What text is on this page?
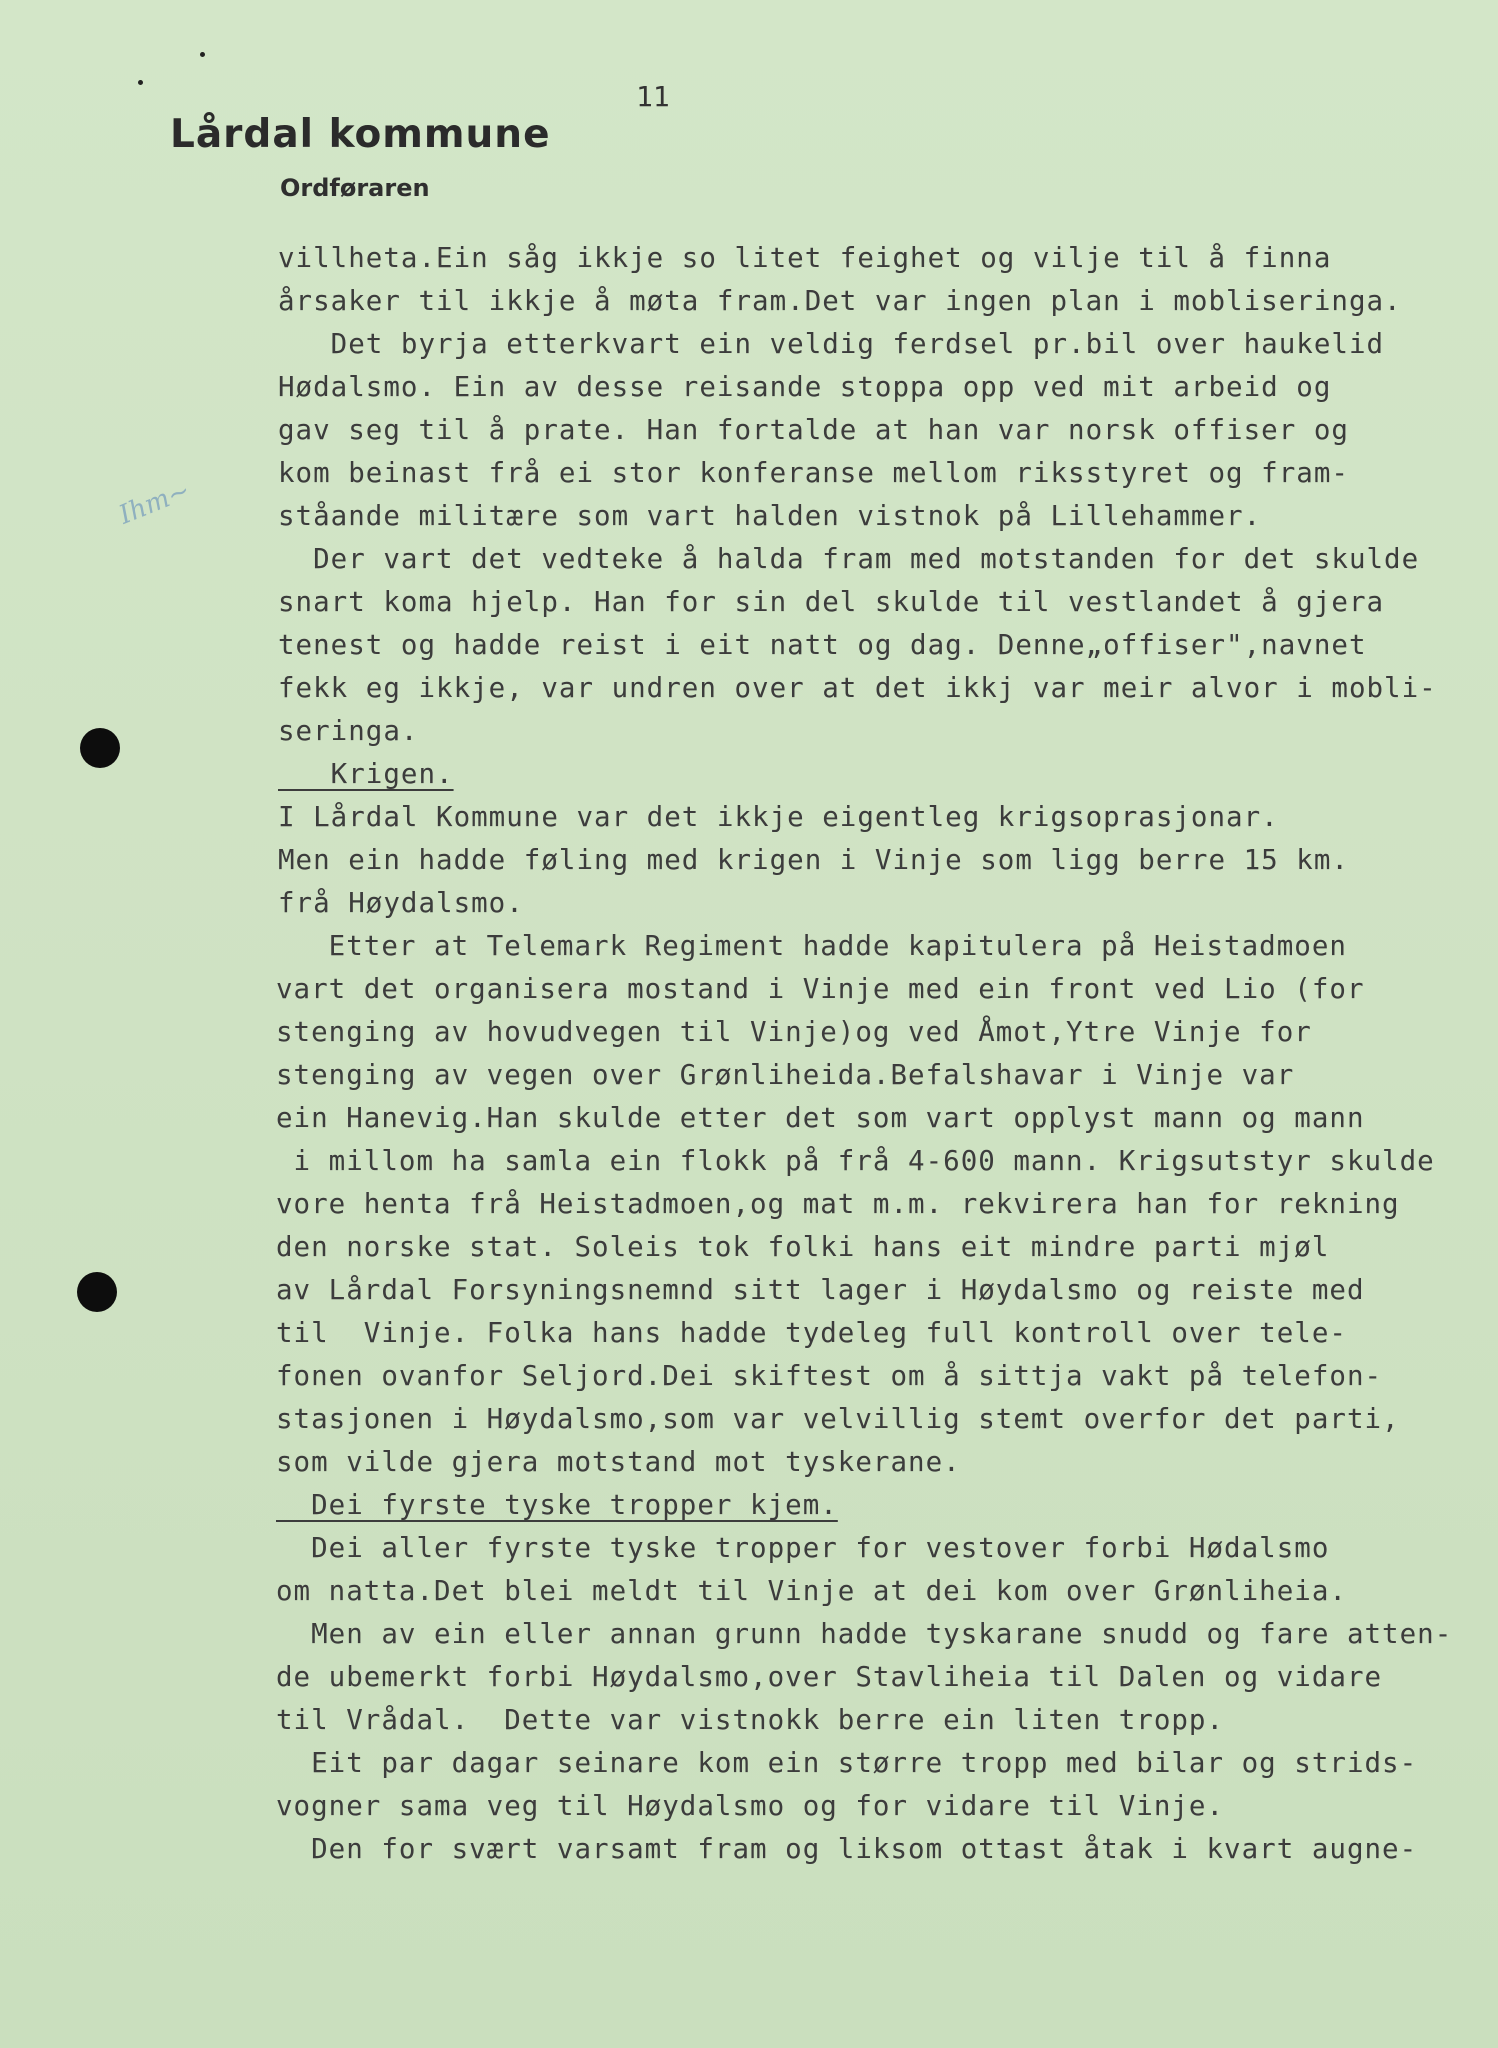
11
Lårdal kommune
Ordføraren
Ihm~
villheta.Ein såg ikkje so litet feighet og vilje til å finna
årsaker til ikkje å møta fram.Det var ingen plan i mobliseringa.
Det byrja etterkvart ein veldig ferdsel pr.bil over haukelid
Hødalsmo. Ein av desse reisande stoppa opp ved mit arbeid og
gav seg til å prate. Han fortalde at han var norsk offiser og
kom beinast frå ei stor konferanse mellom riksstyret og fram-
ståande militære som vart halden vistnok på Lillehammer.
Der vart det vedteke å halda fram med motstanden for det skulde
snart koma hjelp. Han for sin del skulde til vestlandet å gjera
tenest og hadde reist i eit natt og dag. Denne„offiser",navnet
fekk eg ikkje, var undren over at det ikkj var meir alvor i mobli-
seringa.
Krigen.
I Lårdal Kommune var det ikkje eigentleg krigsoprasjonar.
Men ein hadde føling med krigen i Vinje som ligg berre 15 km.
frå Høydalsmo.
Etter at Telemark Regiment hadde kapitulera på Heistadmoen
vart det organisera mostand i Vinje med ein front ved Lio (for
stenging av hovudvegen til Vinje)og ved Åmot,Ytre Vinje for
stenging av vegen over Grønliheida.Befalshavar i Vinje var
ein Hanevig.Han skulde etter det som vart opplyst mann og mann
i millom ha samla ein flokk på frå 4-600 mann. Krigsutstyr skulde
vore henta frå Heistadmoen,og mat m.m. rekvirera han for rekning
den norske stat. Soleis tok folki hans eit mindre parti mjøl
av Lårdal Forsyningsnemnd sitt lager i Høydalsmo og reiste med
til  Vinje. Folka hans hadde tydeleg full kontroll over tele-
fonen ovanfor Seljord.Dei skiftest om å sittja vakt på telefon-
stasjonen i Høydalsmo,som var velvillig stemt overfor det parti,
som vilde gjera motstand mot tyskerane.
Dei fyrste tyske tropper kjem.
Dei aller fyrste tyske tropper for vestover forbi Hødalsmo
om natta.Det blei meldt til Vinje at dei kom over Grønliheia.
Men av ein eller annan grunn hadde tyskarane snudd og fare atten-
de ubemerkt forbi Høydalsmo,over Stavliheia til Dalen og vidare
til Vrådal.  Dette var vistnokk berre ein liten tropp.
Eit par dagar seinare kom ein større tropp med bilar og strids-
vogner sama veg til Høydalsmo og for vidare til Vinje.
Den for svært varsamt fram og liksom ottast åtak i kvart augne-
